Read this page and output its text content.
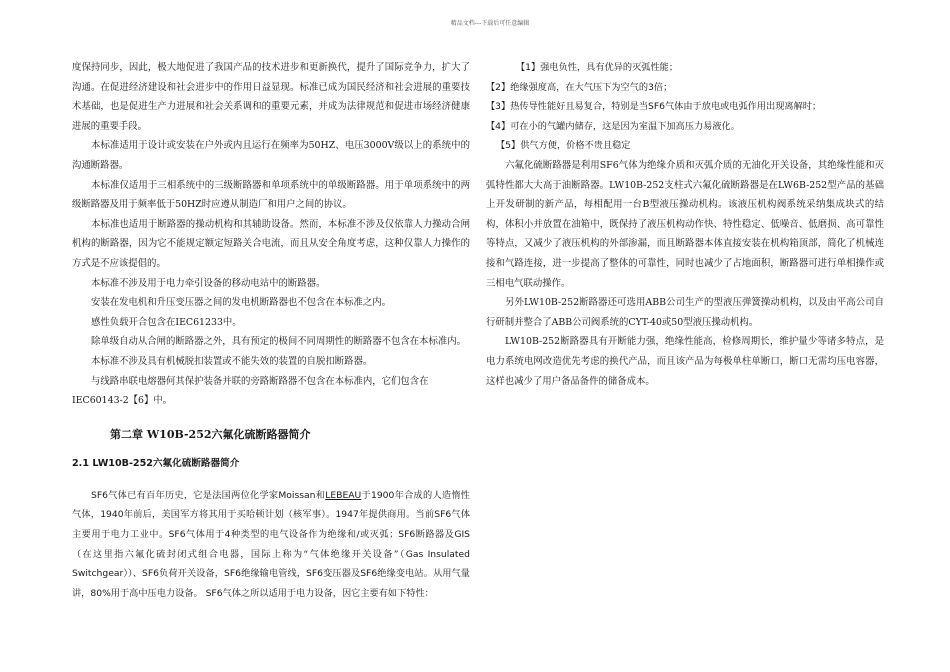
精品文档---下载后可任意编辑

度保持同步，因此，极大地促进了我国产品的技术进步和更新换代，提升了国际竞争力，扩大了沟通。在促进经济建设和社会进步中的作用日益显现。标准已成为国民经济和社会进展的重要技术基础，也是促进生产力进展和社会关系调和的重要元素，并成为法律规范和促进市场经济健康进展的重要手段。

本标准适用于设计或安装在户外或内且运行在频率为50HZ、电压3000V级以上的系统中的沟通断路器。

本标准仅适用于三相系统中的三级断路器和单项系统中的单级断路器。用于单项系统中的两级断路器及用于频率低于50HZ时应遵从制造厂和用户之间的协议。

本标准也适用于断路器的操动机构和其辅助设备。然而，本标准不涉及仅依靠人力操动合闸机构的断路器，因为它不能规定额定短路关合电流，而且从安全角度考虑，这种仅靠人力操作的方式是不应该提倡的。

本标准不涉及用于电力牵引设备的移动电站中的断路器。

安装在发电机和升压变压器之间的发电机断路器也不包含在本标准之内。

感性负载开合包含在IEC61233中。

除单级自动从合闸的断路器之外，具有预定的极间不同周期性的断路器不包含在本标准内。

本标准不涉及具有机械脱扣装置或不能失效的装置的自脱扣断路器。

与线路串联电熔器何其保护装备并联的旁路断路器不包含在本标准内，它们包含在

IEC60143-2【6】中。

第二章 W10B-252六氟化硫断路器简介
2.1 LW10B-252六氟化硫断路器简介

SF6气体已有百年历史，它是法国两位化学家Moissan和LEBEAU于1900年合成的人造惰性气体，1940年前后，美国军方将其用于买哈顿计划（核军事）。1947年提供商用。当前SF6气体主要用于电力工业中。SF6气体用于4种类型的电气设备作为绝缘和/或灭弧；SF6断路器及GIS（在这里指六氟化硫封闭式组合电器，国际上称为“气体绝缘开关设备”（Gas Insulated Switchgear））、SF6负荷开关设备，SF6绝缘输电管线，SF6变压器及SF6绝缘变电站。从用气量讲，80%用于高中压电力设备。 SF6气体之所以适用于电力设备，因它主要有如下特性：

【1】强电负性，具有优异的灭弧性能；

【2】绝缘强度高，在大气压下为空气的3倍；

【3】热传导性能好且易复合，特别是当SF6气体由于放电或电弧作用出现离解时；

【4】可在小的气罐内储存，这是因为室温下加高压力易液化。

【5】供气方便，价格不贵且稳定

六氟化硫断路器是利用SF6气体为绝缘介质和灭弧介质的无油化开关设备，其绝缘性能和灭弧特性都大大高于油断路器。LW10B-252支柱式六氟化硫断路器是在LW6B-252型产品的基础上开发研制的新产品，每相配用一台B型液压操动机构。该液压机构阀系统采纳集成块式的结构，体积小并放置在油箱中，既保持了液压机构动作快、特性稳定、低噪音、低磨损、高可靠性等特点，又减少了液压机构的外部渗漏，而且断路器本体直接安装在机构箱顶部，简化了机械连接和气路连接，进一步提高了整体的可靠性，同时也减少了占地面积，断路器可进行单相操作或三相电气联动操作。

另外LW10B-252断路器还可选用ABB公司生产的型液压弹簧操动机构，以及由平高公司自行研制并整合了ABB公司阀系统的CYT-40或50型液压操动机构。

LW10B-252断路器具有开断能力强，绝缘性能高，检修周期长，维护量少等诸多特点，是电力系统电网改造优先考虑的换代产品，而且该产品为每极单柱单断口，断口无需均压电容器，这样也减少了用户备品备件的储备成本。
